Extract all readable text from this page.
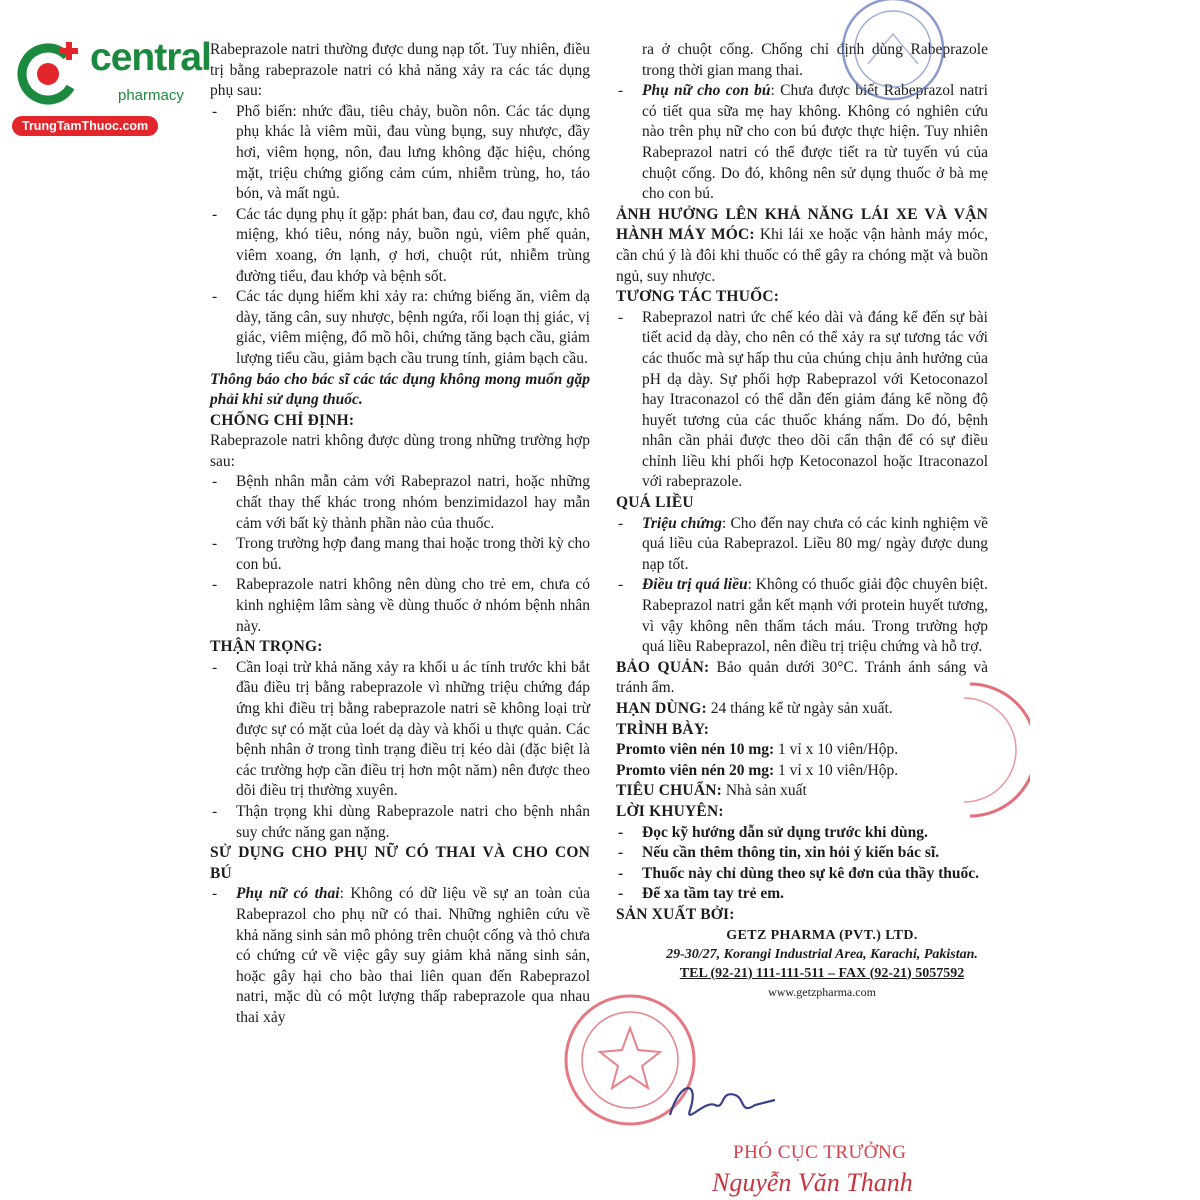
central
pharmacy
TrungTamThuoc.com

Rabeprazole natri thường được dung nạp tốt. Tuy nhiên, điều trị bằng rabeprazole natri có khả năng xảy ra các tác dụng phụ sau:

- Phổ biến: nhức đầu, tiêu chảy, buồn nôn. Các tác dụng phụ khác là viêm mũi, đau vùng bụng, suy nhược, đầy hơi, viêm họng, nôn, đau lưng không đặc hiệu, chóng mặt, triệu chứng giống cảm cúm, nhiễm trùng, ho, táo bón, và mất ngủ.

- Các tác dụng phụ ít gặp: phát ban, đau cơ, đau ngực, khô miệng, khó tiêu, nóng nảy, buồn ngủ, viêm phế quản, viêm xoang, ớn lạnh, ợ hơi, chuột rút, nhiễm trùng đường tiểu, đau khớp và bệnh sốt.

- Các tác dụng hiếm khi xảy ra: chứng biếng ăn, viêm dạ dày, tăng cân, suy nhược, bệnh ngứa, rối loạn thị giác, vị giác, viêm miệng, đổ mồ hôi, chứng tăng bạch cầu, giảm lượng tiểu cầu, giảm bạch cầu trung tính, giảm bạch cầu.

Thông báo cho bác sĩ các tác dụng không mong muốn gặp phải khi sử dụng thuốc.

CHỐNG CHỈ ĐỊNH:

Rabeprazole natri không được dùng trong những trường hợp sau:

- Bệnh nhân mẫn cảm với Rabeprazol natri, hoặc những chất thay thế khác trong nhóm benzimidazol hay mẫn cảm với bất kỳ thành phần nào của thuốc.

- Trong trường hợp đang mang thai hoặc trong thời kỳ cho con bú.

- Rabeprazole natri không nên dùng cho trẻ em, chưa có kinh nghiệm lâm sàng về dùng thuốc ở nhóm bệnh nhân này.

THẬN TRỌNG:

- Cần loại trừ khả năng xảy ra khối u ác tính trước khi bắt đầu điều trị bằng rabeprazole vì những triệu chứng đáp ứng khi điều trị bằng rabeprazole natri sẽ không loại trừ được sự có mặt của loét dạ dày và khối u thực quản. Các bệnh nhân ở trong tình trạng điều trị kéo dài (đặc biệt là các trường hợp cần điều trị hơn một năm) nên được theo dõi điều trị thường xuyên.

- Thận trọng khi dùng Rabeprazole natri cho bệnh nhân suy chức năng gan nặng.

SỬ DỤNG CHO PHỤ NỮ CÓ THAI VÀ CHO CON BÚ

- Phụ nữ có thai: Không có dữ liệu về sự an toàn của Rabeprazol cho phụ nữ có thai. Những nghiên cứu về khả năng sinh sản mô phỏng trên chuột cống và thỏ chưa có chứng cứ về việc gây suy giảm khả năng sinh sản, hoặc gây hại cho bào thai liên quan đến Rabeprazol natri, mặc dù có một lượng thấp rabeprazole qua nhau thai xảy

ra ở chuột cống. Chống chỉ định dùng Rabeprazole trong thời gian mang thai.

- Phụ nữ cho con bú: Chưa được biết Rabeprazol natri có tiết qua sữa mẹ hay không. Không có nghiên cứu nào trên phụ nữ cho con bú được thực hiện. Tuy nhiên Rabeprazol natri có thể được tiết ra từ tuyến vú của chuột cống. Do đó, không nên sử dụng thuốc ở bà mẹ cho con bú.

ẢNH HƯỞNG LÊN KHẢ NĂNG LÁI XE VÀ VẬN HÀNH MÁY MÓC: Khi lái xe hoặc vận hành máy móc, cần chú ý là đôi khi thuốc có thể gây ra chóng mặt và buồn ngủ, suy nhược.

TƯƠNG TÁC THUỐC:

- Rabeprazol natri ức chế kéo dài và đáng kể đến sự bài tiết acid dạ dày, cho nên có thể xảy ra sự tương tác với các thuốc mà sự hấp thu của chúng chịu ảnh hưởng của pH dạ dày. Sự phối hợp Rabeprazol với Ketoconazol hay Itraconazol có thể dẫn đến giảm đáng kể nồng độ huyết tương của các thuốc kháng nấm. Do đó, bệnh nhân cần phải được theo dõi cẩn thận để có sự điều chỉnh liều khi phối hợp Ketoconazol hoặc Itraconazol với rabeprazole.

QUÁ LIỀU

- Triệu chứng: Cho đến nay chưa có các kinh nghiệm về quá liều của Rabeprazol. Liều 80 mg/ ngày được dung nạp tốt.

- Điều trị quá liều: Không có thuốc giải độc chuyên biệt. Rabeprazol natri gắn kết mạnh với protein huyết tương, vì vậy không nên thẩm tách máu. Trong trường hợp quá liều Rabeprazol, nên điều trị triệu chứng và hỗ trợ.

BẢO QUẢN: Bảo quản dưới 30°C. Tránh ánh sáng và tránh ẩm.

HẠN DÙNG: 24 tháng kể từ ngày sản xuất.

TRÌNH BÀY:

Promto viên nén 10 mg: 1 vỉ x 10 viên/Hộp.

Promto viên nén 20 mg: 1 vỉ x 10 viên/Hộp.

TIÊU CHUẨN: Nhà sản xuất

LỜI KHUYÊN:

- Đọc kỹ hướng dẫn sử dụng trước khi dùng.

- Nếu cần thêm thông tin, xin hỏi ý kiến bác sĩ.

- Thuốc này chỉ dùng theo sự kê đơn của thầy thuốc.

- Để xa tầm tay trẻ em.

SẢN XUẤT BỞI:

GETZ PHARMA (PVT.) LTD.
29-30/27, Korangi Industrial Area, Karachi, Pakistan.
TEL (92-21) 111-111-511 – FAX (92-21) 5057592
www.getzpharma.com
PHÓ CỤC TRƯỞNG
Nguyễn Văn Thanh
